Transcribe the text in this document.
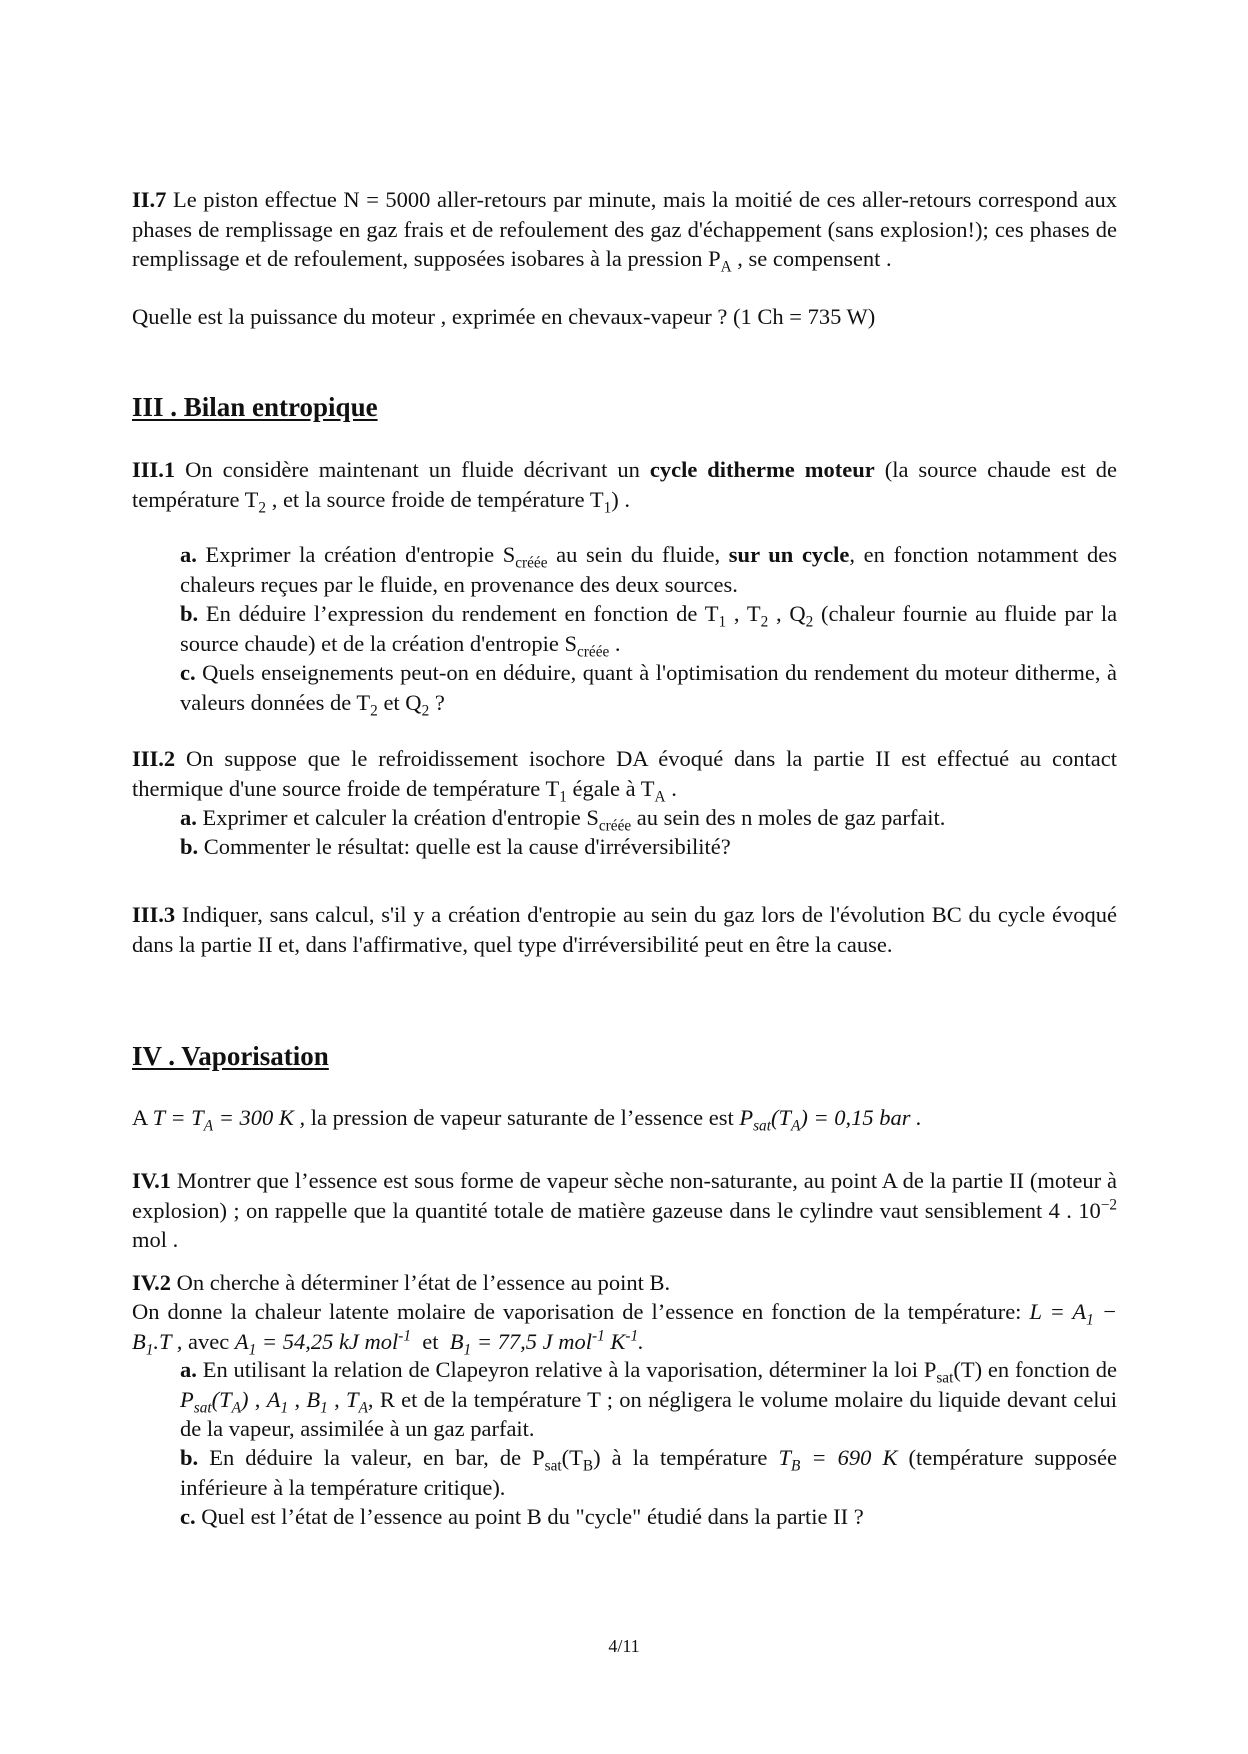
II.7 Le piston effectue N = 5000 aller-retours par minute, mais la moitié de ces aller-retours correspond aux phases de remplissage en gaz frais et de refoulement des gaz d'échappement (sans explosion!); ces phases de remplissage et de refoulement, supposées isobares à la pression $P_A$ , se compensent .
Quelle est la puissance du moteur , exprimée en chevaux-vapeur ? (1 Ch = 735 W)
III . Bilan entropique
III.1 On considère maintenant un fluide décrivant un cycle ditherme moteur (la source chaude est de température $T_2$ , et la source froide de température $T_1$) .
a. Exprimer la création d'entropie $S_{créée}$ au sein du fluide, sur un cycle, en fonction notamment des chaleurs reçues par le fluide, en provenance des deux sources.
b. En déduire l’expression du rendement en fonction de $T_1$ , $T_2$ , $Q_2$ (chaleur fournie au fluide par la source chaude) et de la création d'entropie $S_{créée}$ .
c. Quels enseignements peut-on en déduire, quant à l'optimisation du rendement du moteur ditherme, à valeurs données de $T_2$ et $Q_2$ ?
III.2 On suppose que le refroidissement isochore DA évoqué dans la partie II est effectué au contact thermique d'une source froide de température $T_1$ égale à $T_A$ .
a. Exprimer et calculer la création d'entropie $S_{créée}$ au sein des n moles de gaz parfait.
b. Commenter le résultat: quelle est la cause d'irréversibilité?
III.3 Indiquer, sans calcul, s'il y a création d'entropie au sein du gaz lors de l'évolution BC du cycle évoqué dans la partie II et, dans l'affirmative, quel type d'irréversibilité peut en être la cause.
IV . Vaporisation
A $T = T_A = 300$ K , la pression de vapeur saturante de l’essence est $P_{sat}(T_A) = 0,15$ bar .
IV.1 Montrer que l’essence est sous forme de vapeur sèche non-saturante, au point A de la partie II (moteur à explosion) ; on rappelle que la quantité totale de matière gazeuse dans le cylindre vaut sensiblement 4 . $10^{-2}$ mol .
IV.2 On cherche à déterminer l’état de l’essence au point B.
On donne la chaleur latente molaire de vaporisation de l’essence en fonction de la température: $L = A_1 - B_1.T$ , avec $A_1 = 54,25$ kJ mol$^{-1}$ et $B_1 = 77,5$ J mol$^{-1}$ $K^{-1}$.
a. En utilisant la relation de Clapeyron relative à la vaporisation, déterminer la loi $P_{sat}(T)$ en fonction de $P_{sat}(T_A)$ , $A_1$ , $B_1$ , $T_A$, R et de la température T ; on négligera le volume molaire du liquide devant celui de la vapeur, assimilée à un gaz parfait.
b. En déduire la valeur, en bar, de $P_{sat}(T_B)$ à la température $T_B = 690$ K (température supposée inférieure à la température critique).
c. Quel est l’état de l’essence au point B du "cycle" étudié dans la partie II ?
4/11
